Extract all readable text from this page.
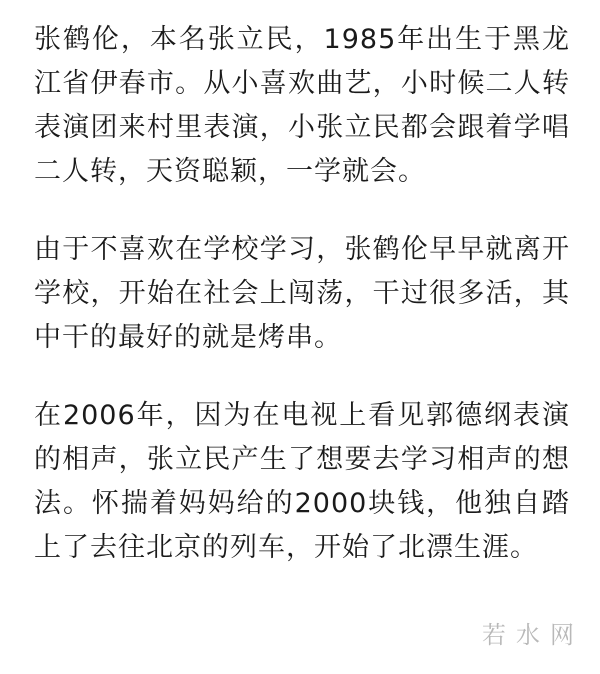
张鹤伦，本名张立民，1985年出生于黑龙江省伊春市。从小喜欢曲艺，小时候二人转表演团来村里表演，小张立民都会跟着学唱二人转，天资聪颖，一学就会。

由于不喜欢在学校学习，张鹤伦早早就离开学校，开始在社会上闯荡，干过很多活，其中干的最好的就是烤串。

在2006年，因为在电视上看见郭德纲表演的相声，张立民产生了想要去学习相声的想法。怀揣着妈妈给的2000块钱，他独自踏上了去往北京的列车，开始了北漂生涯。

若水网
